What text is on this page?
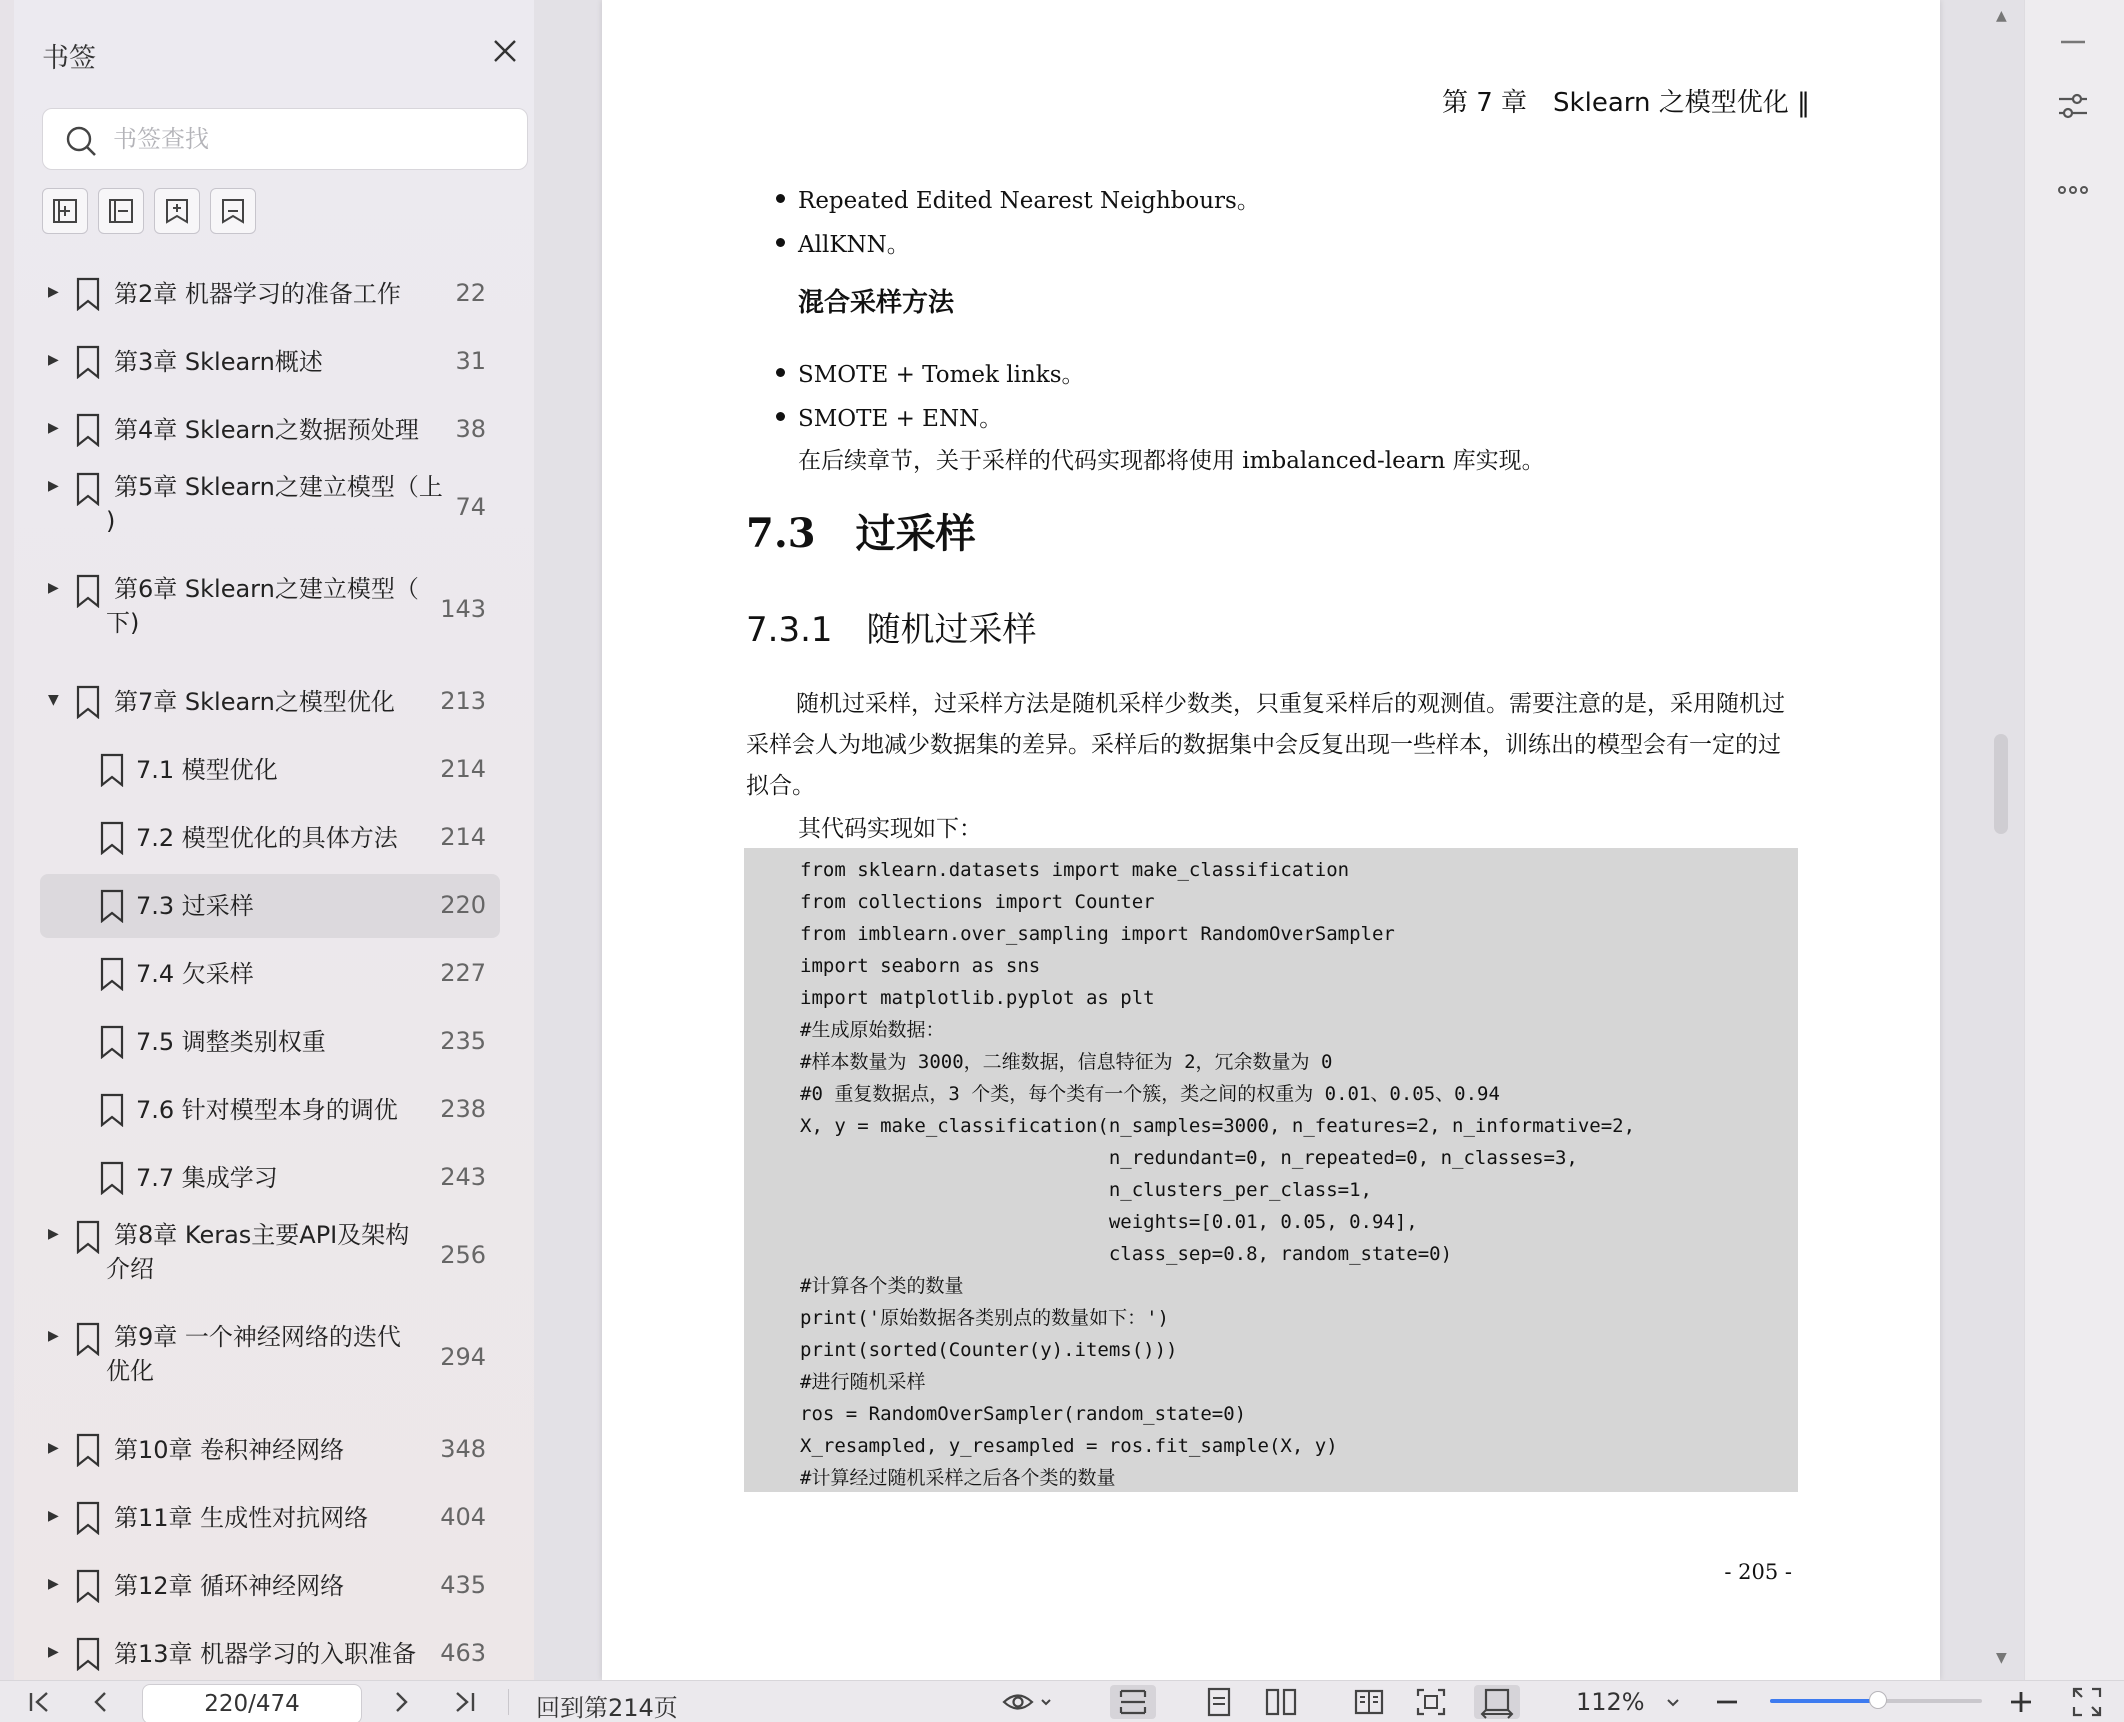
书签
书签查找
▶ 第2章 机器学习的准备工作 22
▶ 第3章 Sklearn概述	31
▶ 第4章 Sklearn之数据预处理 38
▶ 第5章 Sklearn之建立模型（上
)	74
▶ 第6章 Sklearn之建立模型（
下)	143
▼ 第7章 Sklearn之模型优化 213
7.1 模型优化	214
7.2 模型优化的具体方法 214
7.3 过采样	220
7.4 欠采样	227
7.5 调整类别权重	235
7.6 针对模型本身的调优 238
7.7 集成学习	243
▶ 第8章 Keras主要API及架构
介绍	256
▶ 第9章 一个神经网络的迭代
优化	294
▶ 第10章 卷积神经网络	348
▶ 第11章 生成性对抗网络	404
▶ 第12章 循环神经网络	435
▶ 第13章 机器学习的入职准备 463
第 7 章　Sklearn 之模型优化 ‖
Repeated Edited Nearest Neighbours。
AllKNN。
混合采样方法
SMOTE + Tomek links。
SMOTE + ENN。
在后续章节，关于采样的代码实现都将使用 imbalanced-learn 库实现。
7.3　过采样
7.3.1　随机过采样
随机过采样，过采样方法是随机采样少数类，只重复采样后的观测值。需要注意的是，采用随机过采样会人为地减少数据集的差异。采样后的数据集中会反复出现一些样本，训练出的模型会有一定的过拟合。
其代码实现如下：
from sklearn.datasets import make_classification
from collections import Counter
from imblearn.over_sampling import RandomOverSampler
import seaborn as sns
import matplotlib.pyplot as plt
#生成原始数据：
#样本数量为 3000，二维数据，信息特征为 2，冗余数量为 0
#0 重复数据点，3 个类，每个类有一个簇，类之间的权重为 0.01、0.05、0.94
X, y = make_classification(n_samples=3000, n_features=2, n_informative=2,
n_redundant=0, n_repeated=0, n_classes=3,
n_clusters_per_class=1,
weights=[0.01, 0.05, 0.94],
class_sep=0.8, random_state=0)
#计算各个类的数量
print('原始数据各类别点的数量如下：')
print(sorted(Counter(y).items()))
#进行随机采样
ros = RandomOverSampler(random_state=0)
X_resampled, y_resampled = ros.fit_sample(X, y)
#计算经过随机采样之后各个类的数量
- 205 -
▲
▼
220/474
回到第214页	112%
